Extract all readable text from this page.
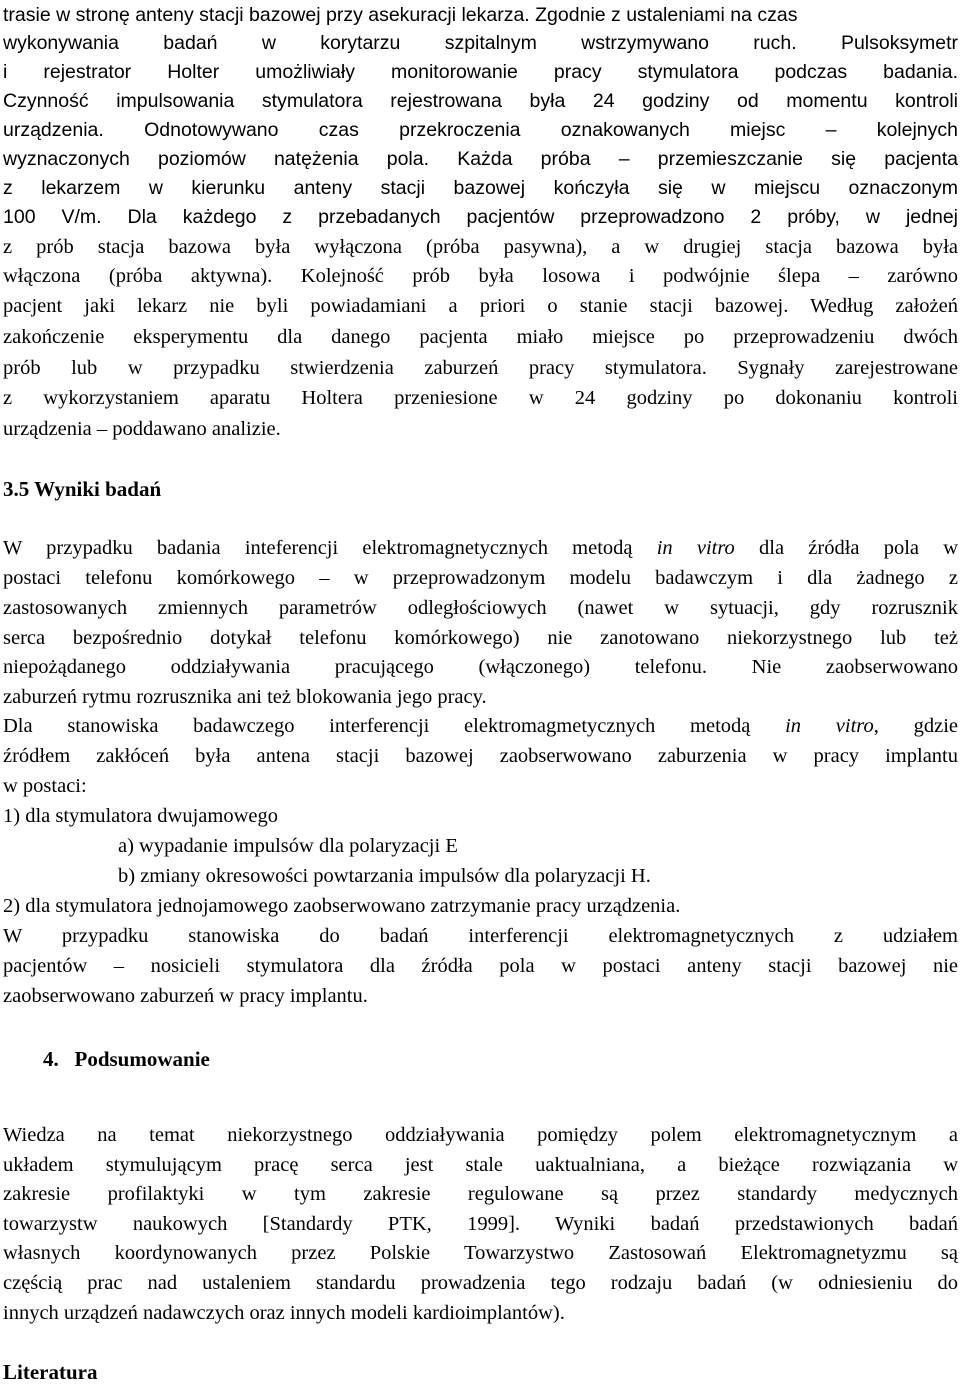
trasie w stronę anteny stacji bazowej przy asekuracji lekarza. Zgodnie z ustaleniami na czas
wykonywania badań w korytarzu szpitalnym wstrzymywano ruch. Pulsoksymetr
i rejestrator Holter umożliwiały monitorowanie pracy stymulatora podczas badania.
Czynność impulsowania stymulatora rejestrowana była 24 godziny od momentu kontroli
urządzenia. Odnotowywano czas przekroczenia oznakowanych miejsc – kolejnych
wyznaczonych poziomów natężenia pola. Każda próba – przemieszczanie się pacjenta
z lekarzem w kierunku anteny stacji bazowej kończyła się w miejscu oznaczonym
100 V/m. Dla każdego z przebadanych pacjentów przeprowadzono 2 próby, w jednej
z prób stacja bazowa była wyłączona (próba pasywna), a w drugiej stacja bazowa była
włączona (próba aktywna). Kolejność prób była losowa i podwójnie ślepa – zarówno
pacjent jaki lekarz nie byli powiadamiani a priori o stanie stacji bazowej. Według założeń
zakończenie eksperymentu dla danego pacjenta miało miejsce po przeprowadzeniu dwóch
prób lub w przypadku stwierdzenia zaburzeń pracy stymulatora. Sygnały zarejestrowane
z wykorzystaniem aparatu Holtera przeniesione w 24 godziny po dokonaniu kontroli
urządzenia – poddawano analizie.
3.5 Wyniki badań
W przypadku badania inteferencji elektromagnetycznych metodą in vitro dla źródła pola w
postaci telefonu komórkowego – w przeprowadzonym modelu badawczym i dla żadnego z
zastosowanych zmiennych parametrów odległościowych (nawet w sytuacji, gdy rozrusznik
serca bezpośrednio dotykał telefonu komórkowego) nie zanotowano niekorzystnego lub też
niepożądanego oddziaływania pracującego (włączonego) telefonu. Nie zaobserwowano
zaburzeń rytmu rozrusznika ani też blokowania jego pracy.
Dla stanowiska badawczego interferencji elektromagmetycznych metodą in vitro, gdzie
źródłem zakłóceń była antena stacji bazowej zaobserwowano zaburzenia w pracy implantu
w postaci:
1) dla stymulatora dwujamowego
a) wypadanie impulsów dla polaryzacji E
b) zmiany okresowości powtarzania impulsów dla polaryzacji H.
2) dla stymulatora jednojamowego zaobserwowano zatrzymanie pracy urządzenia.
W przypadku stanowiska do badań interferencji elektromagnetycznych z udziałem
pacjentów – nosicieli stymulatora dla źródła pola w postaci anteny stacji bazowej nie
zaobserwowano zaburzeń w pracy implantu.
4.   Podsumowanie
Wiedza na temat niekorzystnego oddziaływania pomiędzy polem elektromagnetycznym a
układem stymulującym pracę serca jest stale uaktualniana, a bieżące rozwiązania w
zakresie profilaktyki w tym zakresie regulowane są przez standardy medycznych
towarzystw naukowych [Standardy PTK, 1999]. Wyniki badań przedstawionych badań
własnych koordynowanych przez Polskie Towarzystwo Zastosowań Elektromagnetyzmu są
częścią prac nad ustaleniem standardu prowadzenia tego rodzaju badań (w odniesieniu do
innych urządzeń nadawczych oraz innych modeli kardioimplantów).
Literatura
